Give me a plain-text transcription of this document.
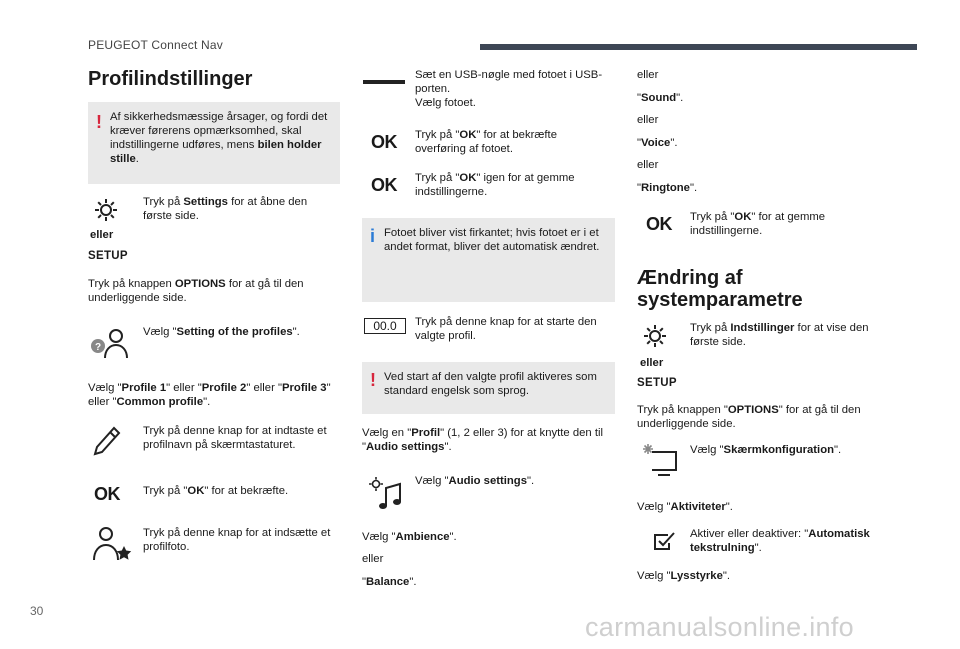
PEUGEOT Connect Nav
Profilindstillinger
! Af sikkerhedsmæssige årsager, og fordi det kræver førerens opmærksomhed, skal indstillingerne udføres, mens bilen holder stille.
eller
SETUP
Tryk på Settings for at åbne den første side.
Tryk på knappen OPTIONS for at gå til den underliggende side.
?
Vælg "Setting of the profiles".
Vælg "Profile 1" eller "Profile 2" eller "Profile 3" eller "Common profile".
Tryk på denne knap for at indtaste et profilnavn på skærmtastaturet.
OK Tryk på "OK" for at bekræfte.
Tryk på denne knap for at indsætte et profilfoto.
Sæt en USB-nøgle med fotoet i USB-porten.
Vælg fotoet.
OK Tryk på "OK" for at bekræfte overføring af fotoet.
OK Tryk på "OK" igen for at gemme indstillingerne.
i Fotoet bliver vist firkantet; hvis fotoet er i et andet format, bliver det automatisk ændret.
00.0	Tryk på denne knap for at starte den valgte profil.
! Ved start af den valgte profil aktiveres som standard engelsk som sprog.
Vælg en "Profil" (1, 2 eller 3) for at knytte den til "Audio settings".
Vælg "Audio settings".
Vælg "Ambience".
eller
"Balance".
eller
"Sound".
eller
"Voice".
eller
"Ringtone".
OK Tryk på "OK" for at gemme indstillingerne.
Ændring af systemparametre
eller
SETUP
Tryk på Indstillinger for at vise den første side.
Tryk på knappen "OPTIONS" for at gå til den underliggende side.
Vælg "Skærmkonfiguration".
Vælg "Aktiviteter".
Aktiver eller deaktiver: "Automatisk tekstrulning".
Vælg "Lysstyrke".
30
carmanualsonline.info
